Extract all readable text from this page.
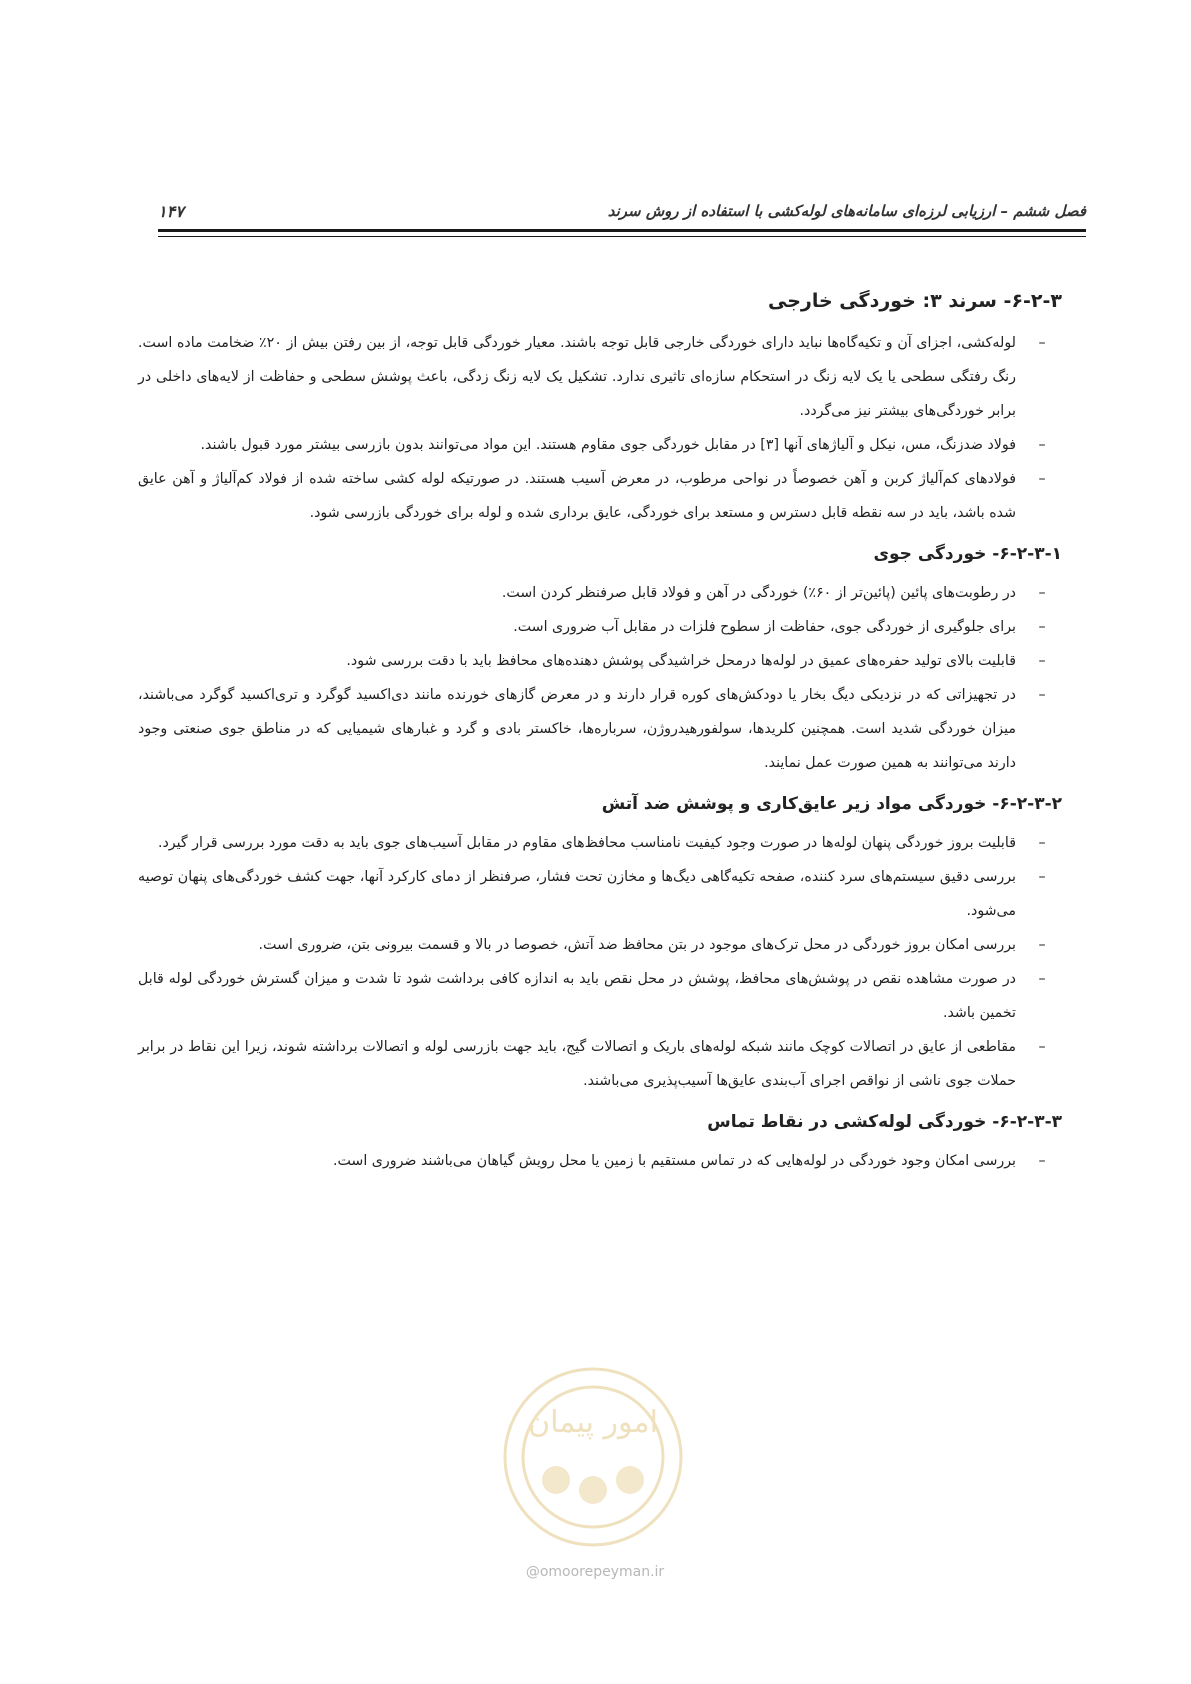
فصل ششم – ارزیابی لرزه‌ای سامانه‌های لوله‌کشی با استفاده از روش سرند
۱۴۷
۶-۲-۳- سرند ۳: خوردگی خارجی
–
لوله‌کشی، اجزای آن و تکیه‌گاه‌ها نباید دارای خوردگی خارجی قابل توجه باشند. معیار خوردگی قابل توجه، از بین رفتن بیش از ۲۰٪ ضخامت ماده است. رنگ رفتگی سطحی یا یک لایه زنگ در استحکام سازه‌ای تاثیری ندارد. تشکیل یک لایه زنگ زدگی، باعث پوشش سطحی و حفاظت از لایه‌های داخلی در برابر خوردگی‌های بیشتر نیز می‌گردد.
–
فولاد ضدزنگ، مس، نیکل و آلیاژهای آنها [۳] در مقابل خوردگی جوی مقاوم هستند. این مواد می‌توانند بدون بازرسی بیشتر مورد قبول باشند.
–
فولادهای کم‌آلیاژ کربن و آهن خصوصاً در نواحی مرطوب، در معرض آسیب هستند. در صورتیکه لوله کشی ساخته شده از فولاد کم‌آلیاژ و آهن عایق شده باشد، باید در سه نقطه قابل دسترس و مستعد برای خوردگی، عایق برداری شده و لوله برای خوردگی بازرسی شود.
۶-۲-۳-۱- خوردگی جوی
–
در رطوبت‌های پائین (پائین‌تر از ۶۰٪) خوردگی در آهن و فولاد قابل صرفنظر کردن است.
–
برای جلوگیری از خوردگی جوی، حفاظت از سطوح فلزات در مقابل آب ضروری است.
–
قابلیت بالای تولید حفره‌های عمیق در لوله‌ها درمحل خراشیدگی پوشش دهنده‌های محافظ باید با دقت بررسی شود.
–
در تجهیزاتی که در نزدیکی دیگ بخار یا دودکش‌های کوره قرار دارند و در معرض گازهای خورنده مانند دی‌اکسید گوگرد و تری‌اکسید گوگرد می‌باشند، میزان خوردگی شدید است. همچنین کلریدها، سولفورهیدروژن، سرباره‌ها، خاکستر بادی و گرد و غبارهای شیمیایی که در مناطق جوی صنعتی وجود دارند می‌توانند به همین صورت عمل نمایند.
۶-۲-۳-۲- خوردگی مواد زیر عایق‌کاری و پوشش ضد آتش
–
قابلیت بروز خوردگی پنهان لوله‌ها در صورت وجود کیفیت نامناسب محافظ‌های مقاوم در مقابل آسیب‌های جوی باید به دقت مورد بررسی قرار گیرد.
–
بررسی دقیق سیستم‌های سرد کننده، صفحه تکیه‌گاهی دیگ‌ها و مخازن تحت فشار، صرفنظر از دمای کارکرد آنها، جهت کشف خوردگی‌های پنهان توصیه می‌شود.
–
بررسی امکان بروز خوردگی در محل ترک‌های موجود در بتن محافظ ضد آتش، خصوصا در بالا و قسمت بیرونی بتن، ضروری است.
–
در صورت مشاهده نقص در پوشش‌های محافظ، پوشش در محل نقص باید به اندازه کافی برداشت شود تا شدت و میزان گسترش خوردگی لوله قابل تخمین باشد.
–
مقاطعی از عایق در اتصالات کوچک مانند شبکه لوله‌های باریک و اتصالات گیج، باید جهت بازرسی لوله و اتصالات برداشته شوند، زیرا این نقاط در برابر حملات جوی ناشی از نواقص اجرای آب‌بندی عایق‌ها آسیب‌پذیری می‌باشند.
۶-۲-۳-۳- خوردگی لوله‌کشی در نقاط تماس
–
بررسی امکان وجود خوردگی در لوله‌هایی که در تماس مستقیم با زمین یا محل رویش گیاهان می‌باشند ضروری است.
امور پیمان
@omoorepeyman.ir
